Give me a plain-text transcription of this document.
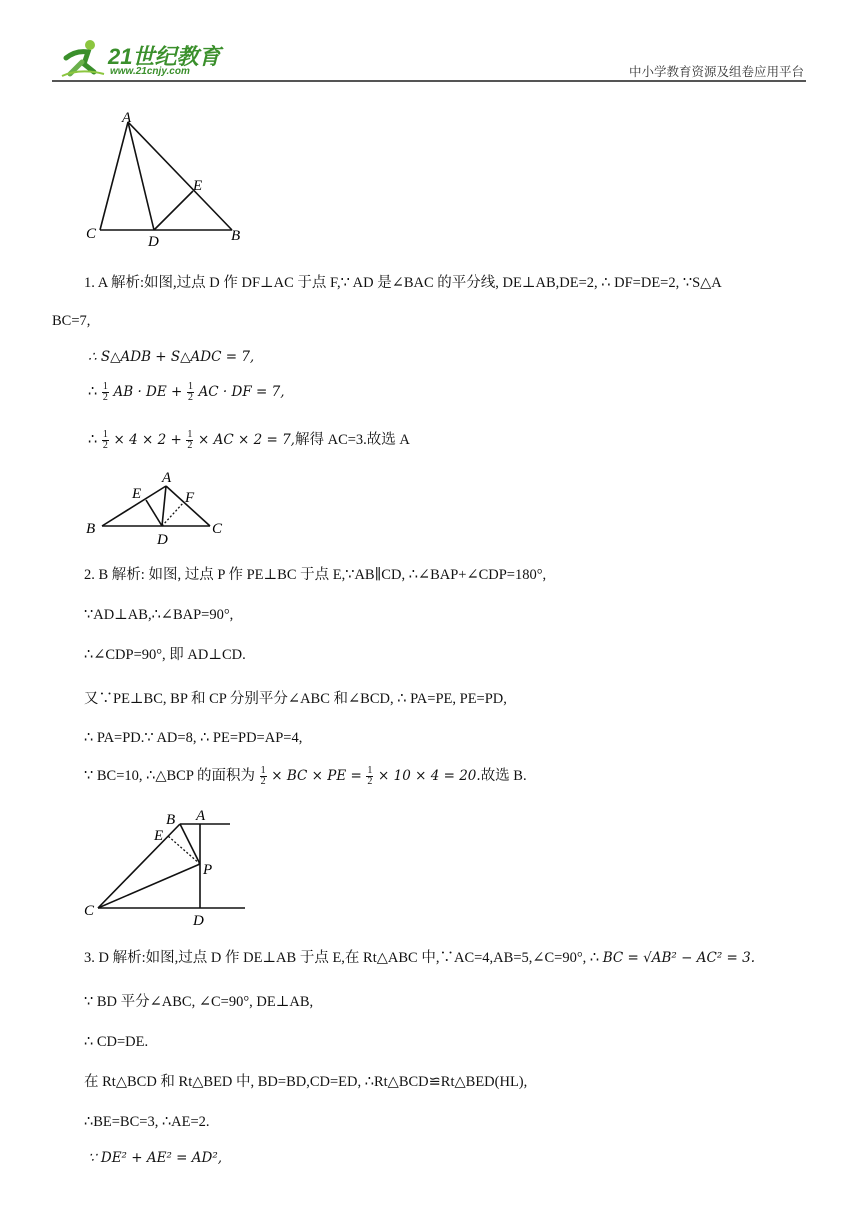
21世纪教育
www.21cnjy.com	中小学教育资源及组卷应用平台
A
E
C	D	B
1. A 解析:如图,过点 D 作 DF⊥AC 于点 F,∵ AD 是∠BAC 的平分线, DE⊥AB,DE=2, ∴ DF=DE=2, ∵S△A
BC=7,
∴ S△ADB + S△ADC = 7,
∴ $\frac{1}{2}$ AB · DE + $\frac{1}{2}$ AC · DF = 7,
∴ $\frac{1}{2} \times 4 \times 2 + \frac{1}{2}$ × AC × 2 = 7,解得 AC=3.故选 A
A
E	F
B	C
D
2. B 解析: 如图, 过点 P 作 PE⊥BC 于点 E,∵AB∥CD, ∴∠BAP+∠CDP=180°,
∵AD⊥AB,∴∠BAP=90°,
∴∠CDP=90°, 即 AD⊥CD.
又∵PE⊥BC, BP 和 CP 分别平分∠ABC 和∠BCD, ∴ PA=PE, PE=PD,
∴ PA=PD.∵ AD=8, ∴ PE=PD=AP=4,
∵ BC=10, ∴△BCP 的面积为 $\frac{1}{2}$ × BC × PE = $\frac{1}{2} \times 10 \times 4 = 20$.故选 B.
B A
E
P
C
D
3. D 解析:如图,过点 D 作 DE⊥AB 于点 E,在 Rt△ABC 中,∵AC=4,AB=5,∠C=90°, ∴ BC = √AB² − AC² = 3.
∵ BD 平分∠ABC, ∠C=90°, DE⊥AB,
∴ CD=DE.
在 Rt△BCD 和 Rt△BED 中, BD=BD,CD=ED, ∴Rt△BCD≌Rt△BED(HL),
∴BE=BC=3, ∴AE=2.
∵ DE² + AE² = AD²,
